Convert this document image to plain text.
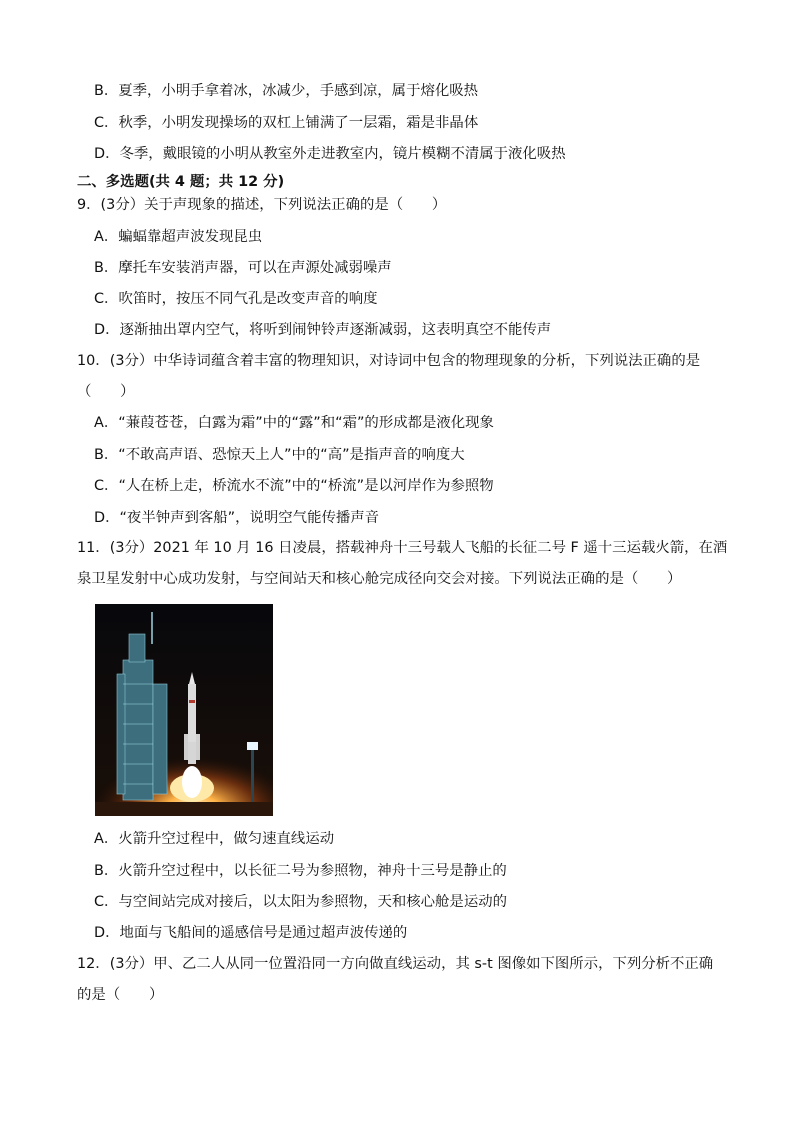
B．夏季，小明手拿着冰，冰减少，手感到凉，属于熔化吸热
C．秋季，小明发现操场的双杠上铺满了一层霜，霜是非晶体
D．冬季，戴眼镜的小明从教室外走进教室内，镜片模糊不清属于液化吸热
二、多选题(共 4 题；共 12 分)
9．(3分）关于声现象的描述，下列说法正确的是（　　）
A．蝙蝠靠超声波发现昆虫
B．摩托车安装消声器，可以在声源处减弱噪声
C．吹笛时，按压不同气孔是改变声音的响度
D．逐渐抽出罩内空气，将听到闹钟铃声逐渐减弱，这表明真空不能传声
10．(3分）中华诗词蕴含着丰富的物理知识，对诗词中包含的物理现象的分析，下列说法正确的是
（　　）
A．“蒹葭苍苍，白露为霜”中的“露”和“霜”的形成都是液化现象
B．“不敢高声语、恐惊天上人”中的“高”是指声音的响度大
C．“人在桥上走，桥流水不流”中的“桥流”是以河岸作为参照物
D．“夜半钟声到客船”，说明空气能传播声音
11．(3分）2021 年 10 月 16 日凌晨，搭载神舟十三号载人飞船的长征二号 F 遥十三运载火箭，在酒
泉卫星发射中心成功发射，与空间站天和核心舱完成径向交会对接。下列说法正确的是（　　）
A．火箭升空过程中，做匀速直线运动
B．火箭升空过程中，以长征二号为参照物，神舟十三号是静止的
C．与空间站完成对接后，以太阳为参照物，天和核心舱是运动的
D．地面与飞船间的遥感信号是通过超声波传递的
12．(3分）甲、乙二人从同一位置沿同一方向做直线运动，其 s-t 图像如下图所示，下列分析不正确
的是（　　）
